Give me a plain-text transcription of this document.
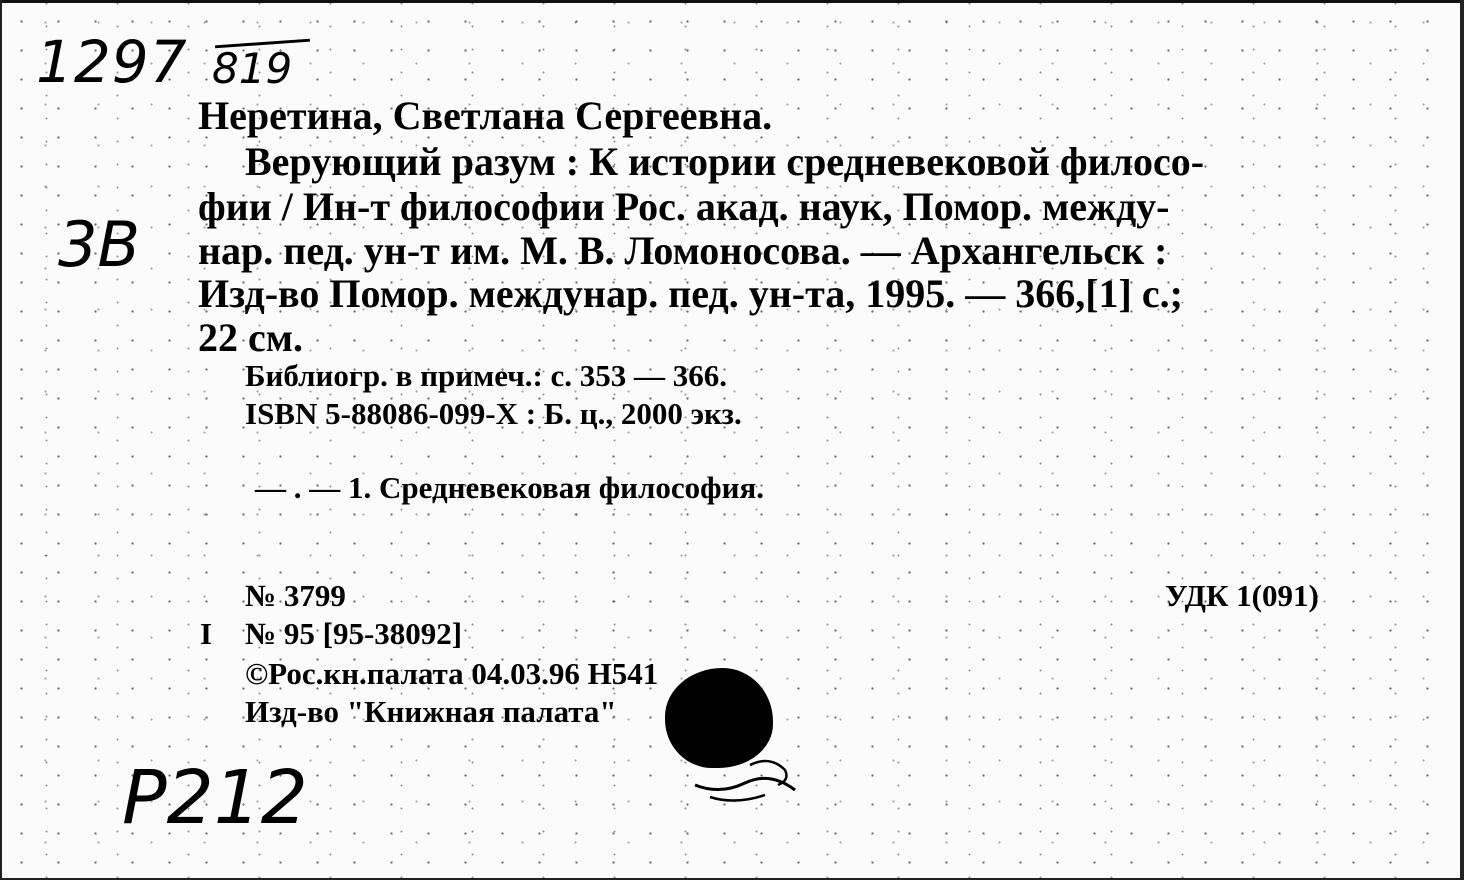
1297 819
3B
P212
Неретина, Светлана Сергеевна.
Верующий разум : К истории средневековой филосо-
фии / Ин-т философии Рос. акад. наук, Помор. между-
нар. пед. ун-т им. М. В. Ломоносова. — Архангельск :
Изд-во Помор. междунар. пед. ун-та, 1995. — 366,[1] с.;
22 см.
Библиогр. в примеч.: с. 353 — 366.
ISBN 5-88086-099-Х : Б. ц., 2000 экз.
— . — 1. Средневековая философия.
№ 3799	УДК 1(091)
I № 95 [95-38092]
©Рос.кн.палата 04.03.96 Н541
Изд-во "Книжная палата"
